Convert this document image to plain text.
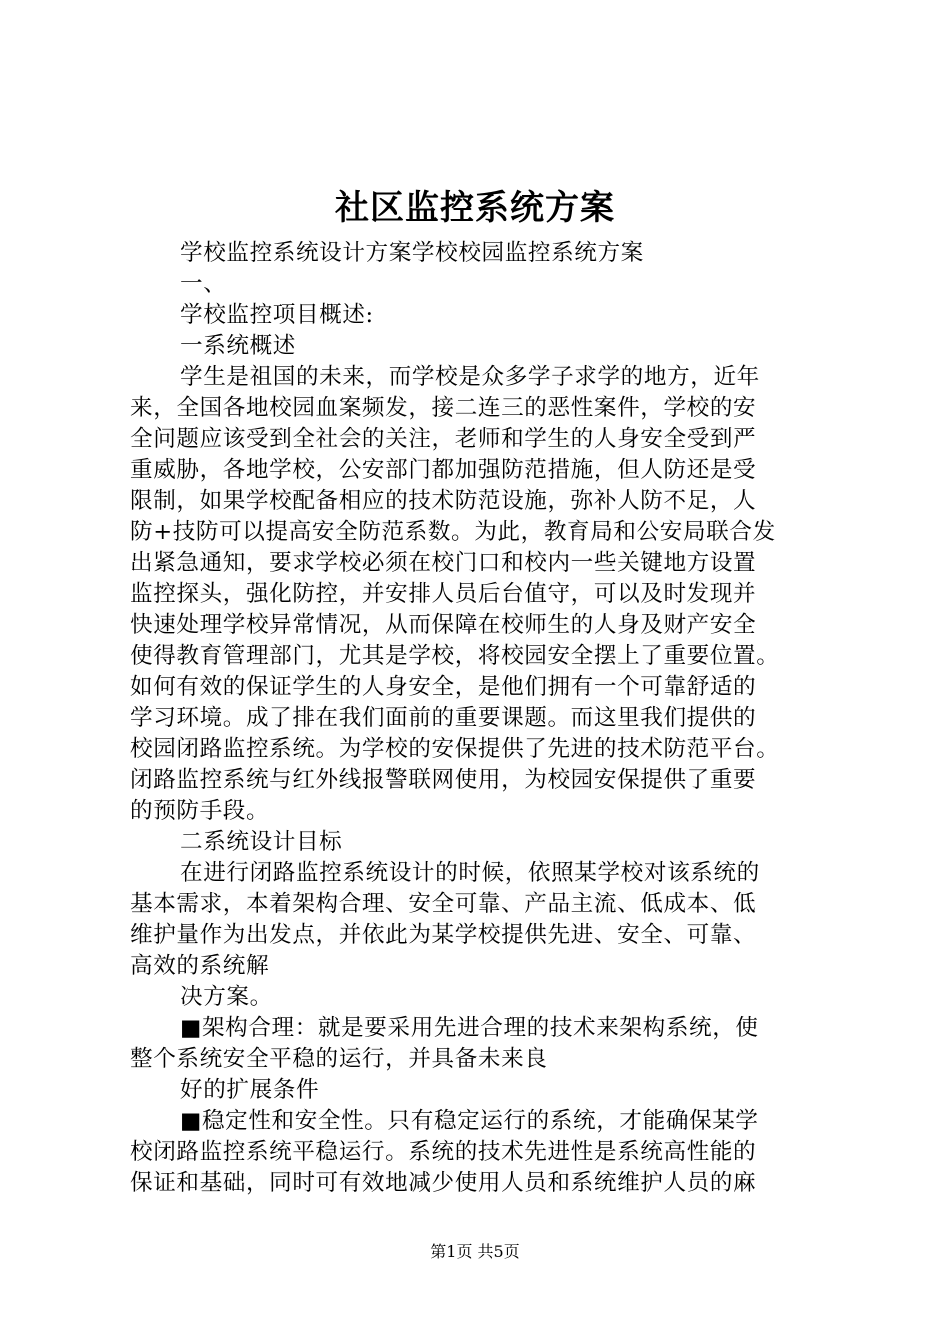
社区监控系统方案

学校监控系统设计方案学校校园监控系统方案

一、

学校监控项目概述:

一系统概述

学生是祖国的未来，而学校是众多学子求学的地方，近年

来，全国各地校园血案频发，接二连三的恶性案件，学校的安

全问题应该受到全社会的关注，老师和学生的人身安全受到严

重威胁，各地学校，公安部门都加强防范措施，但人防还是受

限制，如果学校配备相应的技术防范设施，弥补人防不足，人

防+技防可以提高安全防范系数。为此，教育局和公安局联合发

出紧急通知，要求学校必须在校门口和校内一些关键地方设置

监控探头，强化防控，并安排人员后台值守，可以及时发现并

快速处理学校异常情况，从而保障在校师生的人身及财产安全

使得教育管理部门，尤其是学校，将校园安全摆上了重要位置。

如何有效的保证学生的人身安全，是他们拥有一个可靠舒适的

学习环境。成了排在我们面前的重要课题。而这里我们提供的

校园闭路监控系统。为学校的安保提供了先进的技术防范平台。

闭路监控系统与红外线报警联网使用，为校园安保提供了重要

的预防手段。

二系统设计目标

在进行闭路监控系统设计的时候，依照某学校对该系统的

基本需求，本着架构合理、安全可靠、产品主流、低成本、低

维护量作为出发点，并依此为某学校提供先进、安全、可靠、

高效的系统解

决方案。

■架构合理：就是要采用先进合理的技术来架构系统，使

整个系统安全平稳的运行，并具备未来良

好的扩展条件

■稳定性和安全性。只有稳定运行的系统，才能确保某学

校闭路监控系统平稳运行。系统的技术先进性是系统高性能的

保证和基础，同时可有效地减少使用人员和系统维护人员的麻

第1页 共5页
